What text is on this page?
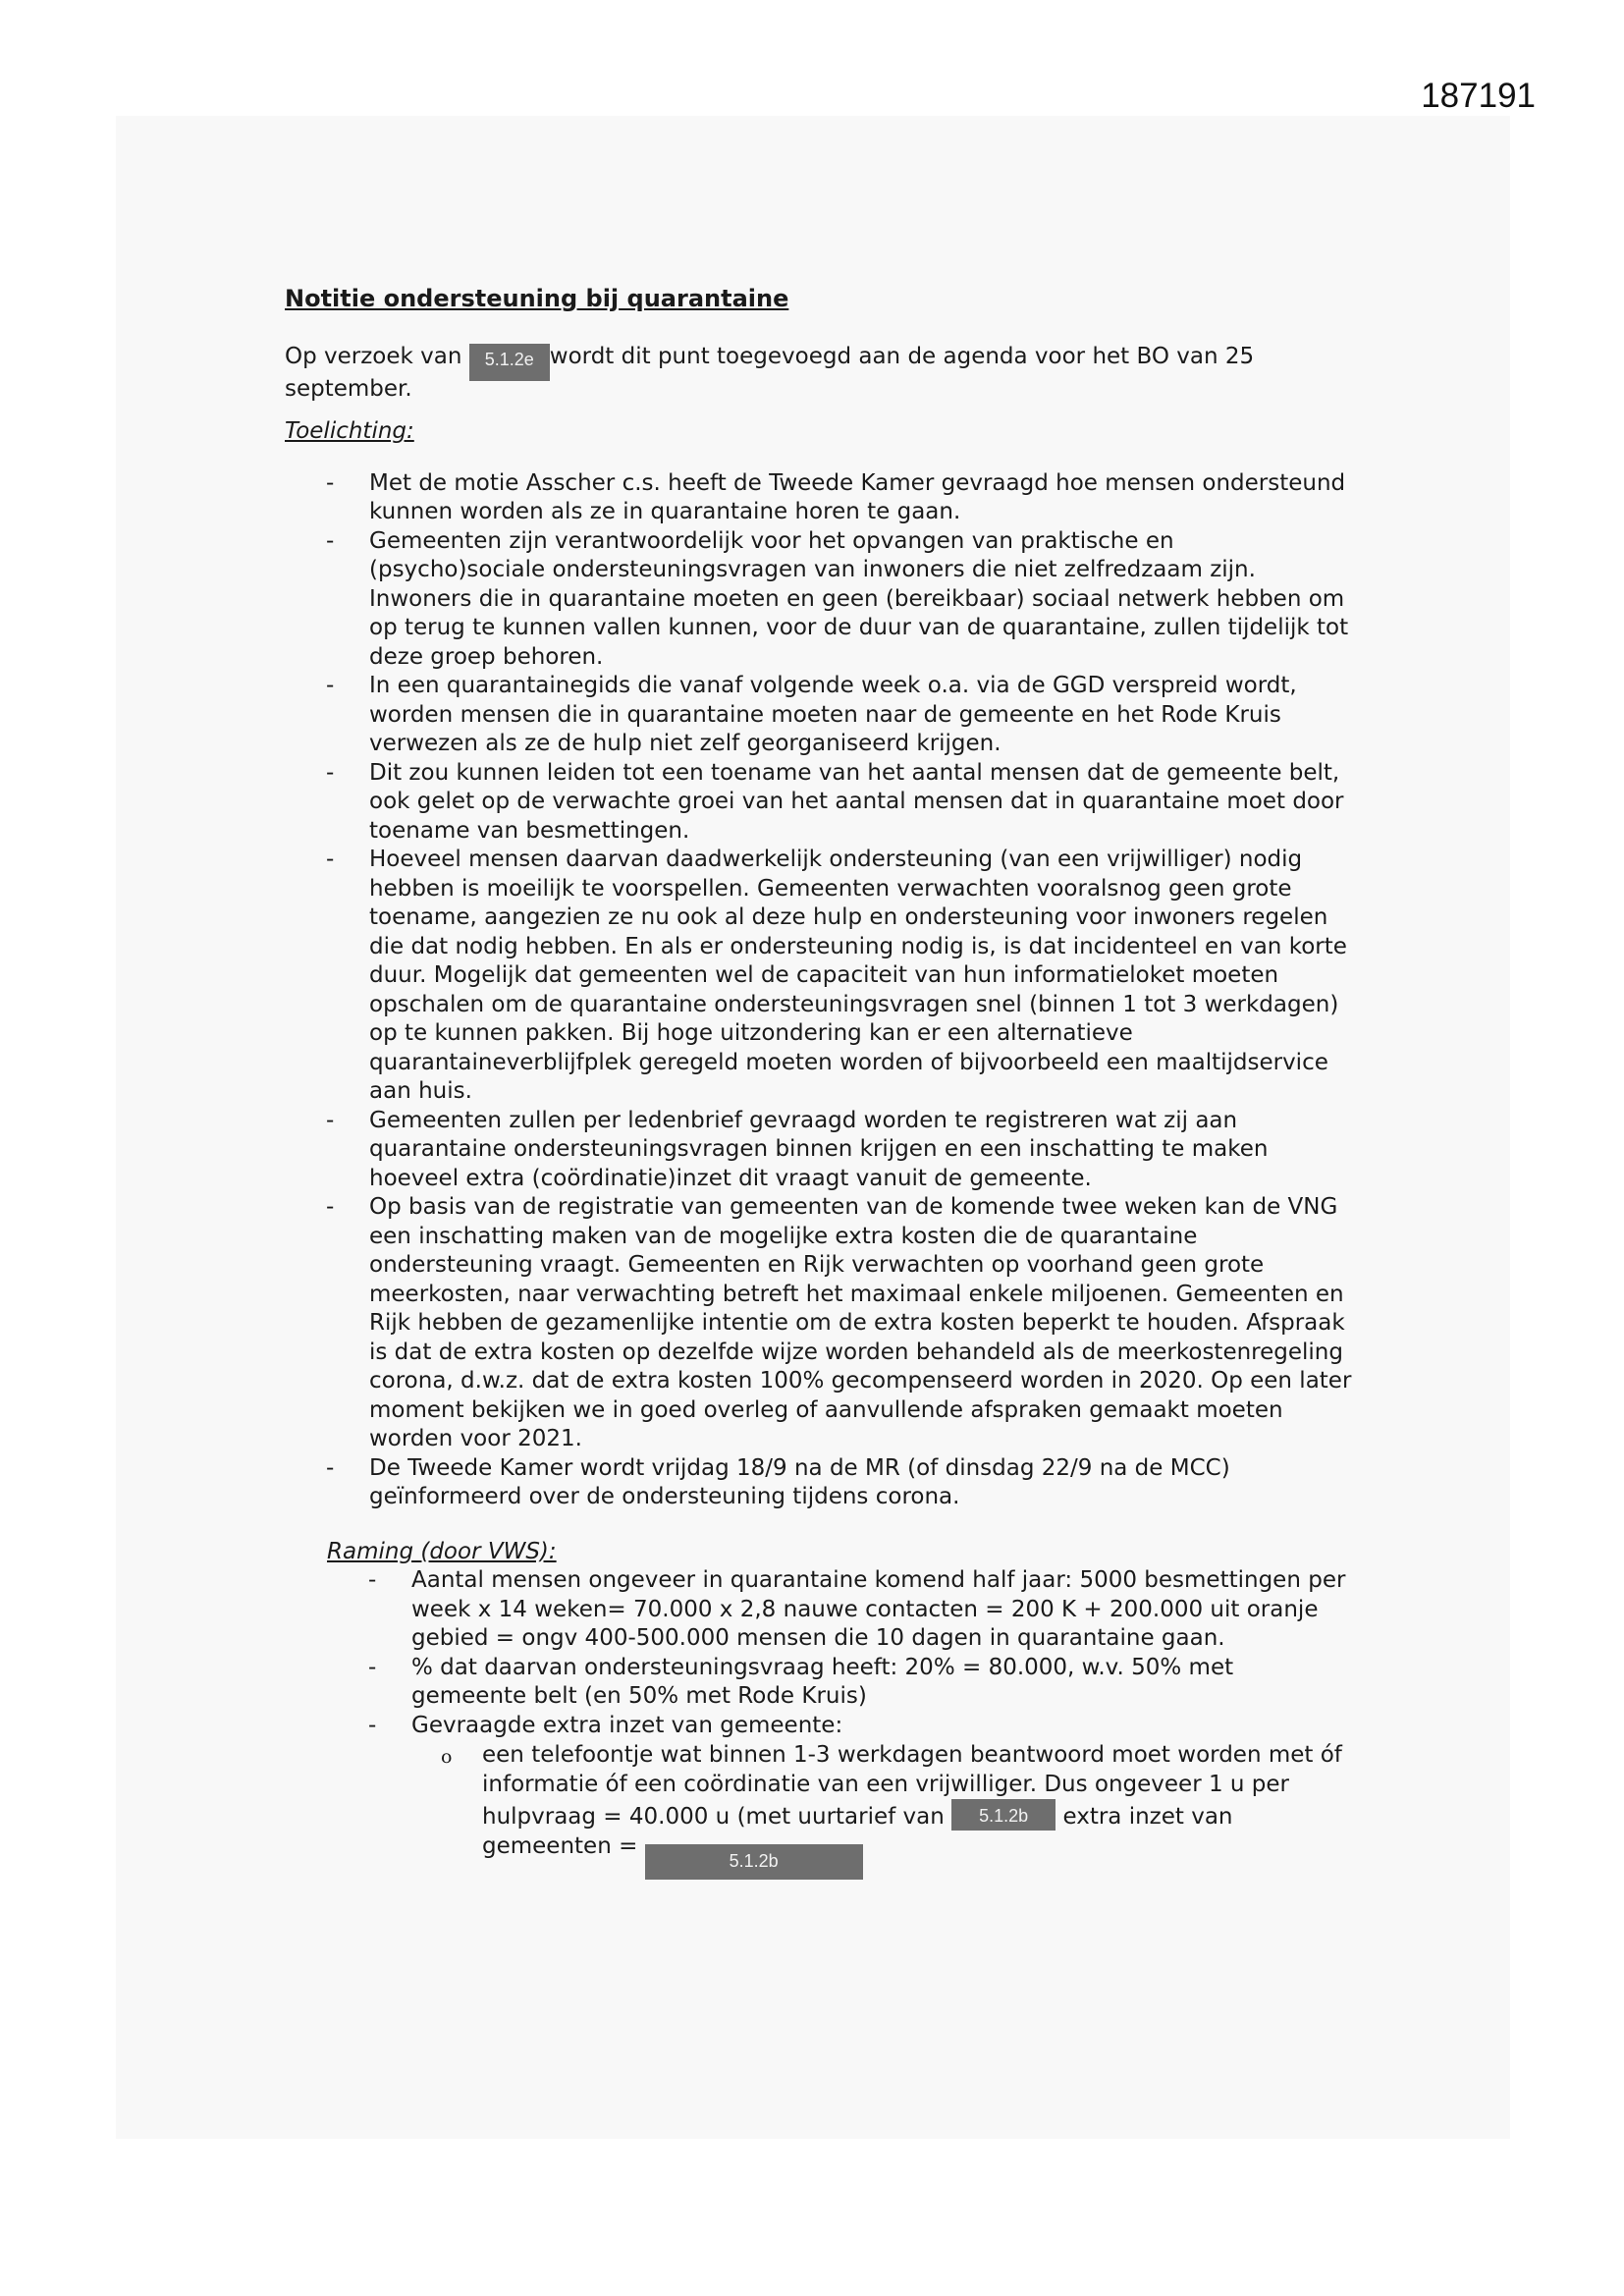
187191

Notitie ondersteuning bij quarantaine

Op verzoek van 5.1.2e wordt dit punt toegevoegd aan de agenda voor het BO van 25 september.

Toelichting:

- Met de motie Asscher c.s. heeft de Tweede Kamer gevraagd hoe mensen ondersteund kunnen worden als ze in quarantaine horen te gaan.
- Gemeenten zijn verantwoordelijk voor het opvangen van praktische en (psycho)sociale ondersteuningsvragen van inwoners die niet zelfredzaam zijn. Inwoners die in quarantaine moeten en geen (bereikbaar) sociaal netwerk hebben om op terug te kunnen vallen kunnen, voor de duur van de quarantaine, zullen tijdelijk tot deze groep behoren.
- In een quarantainegids die vanaf volgende week o.a. via de GGD verspreid wordt, worden mensen die in quarantaine moeten naar de gemeente en het Rode Kruis verwezen als ze de hulp niet zelf georganiseerd krijgen.
- Dit zou kunnen leiden tot een toename van het aantal mensen dat de gemeente belt, ook gelet op de verwachte groei van het aantal mensen dat in quarantaine moet door toename van besmettingen.
- Hoeveel mensen daarvan daadwerkelijk ondersteuning (van een vrijwilliger) nodig hebben is moeilijk te voorspellen. Gemeenten verwachten vooralsnog geen grote toename, aangezien ze nu ook al deze hulp en ondersteuning voor inwoners regelen die dat nodig hebben. En als er ondersteuning nodig is, is dat incidenteel en van korte duur. Mogelijk dat gemeenten wel de capaciteit van hun informatieloket moeten opschalen om de quarantaine ondersteuningsvragen snel (binnen 1 tot 3 werkdagen) op te kunnen pakken. Bij hoge uitzondering kan er een alternatieve quarantaineverblijfplek geregeld moeten worden of bijvoorbeeld een maaltijdservice aan huis.
- Gemeenten zullen per ledenbrief gevraagd worden te registreren wat zij aan quarantaine ondersteuningsvragen binnen krijgen en een inschatting te maken hoeveel extra (coördinatie)inzet dit vraagt vanuit de gemeente.
- Op basis van de registratie van gemeenten van de komende twee weken kan de VNG een inschatting maken van de mogelijke extra kosten die de quarantaine ondersteuning vraagt. Gemeenten en Rijk verwachten op voorhand geen grote meerkosten, naar verwachting betreft het maximaal enkele miljoenen. Gemeenten en Rijk hebben de gezamenlijke intentie om de extra kosten beperkt te houden. Afspraak is dat de extra kosten op dezelfde wijze worden behandeld als de meerkostenregeling corona, d.w.z. dat de extra kosten 100% gecompenseerd worden in 2020. Op een later moment bekijken we in goed overleg of aanvullende afspraken gemaakt moeten worden voor 2021.
- De Tweede Kamer wordt vrijdag 18/9 na de MR (of dinsdag 22/9 na de MCC) geïnformeerd over de ondersteuning tijdens corona.

Raming (door VWS):

- Aantal mensen ongeveer in quarantaine komend half jaar: 5000 besmettingen per week x 14 weken= 70.000 x 2,8 nauwe contacten = 200 K + 200.000 uit oranje gebied = ongv 400-500.000 mensen die 10 dagen in quarantaine gaan.
- % dat daarvan ondersteuningsvraag heeft: 20% = 80.000, w.v. 50% met gemeente belt (en 50% met Rode Kruis)
- Gevraagde extra inzet van gemeente:
o een telefoontje wat binnen 1-3 werkdagen beantwoord moet worden met óf informatie óf een coördinatie van een vrijwilliger. Dus ongeveer 1 u per hulpvraag = 40.000 u (met uurtarief van 5.1.2b extra inzet van gemeenten = 5.1.2b
